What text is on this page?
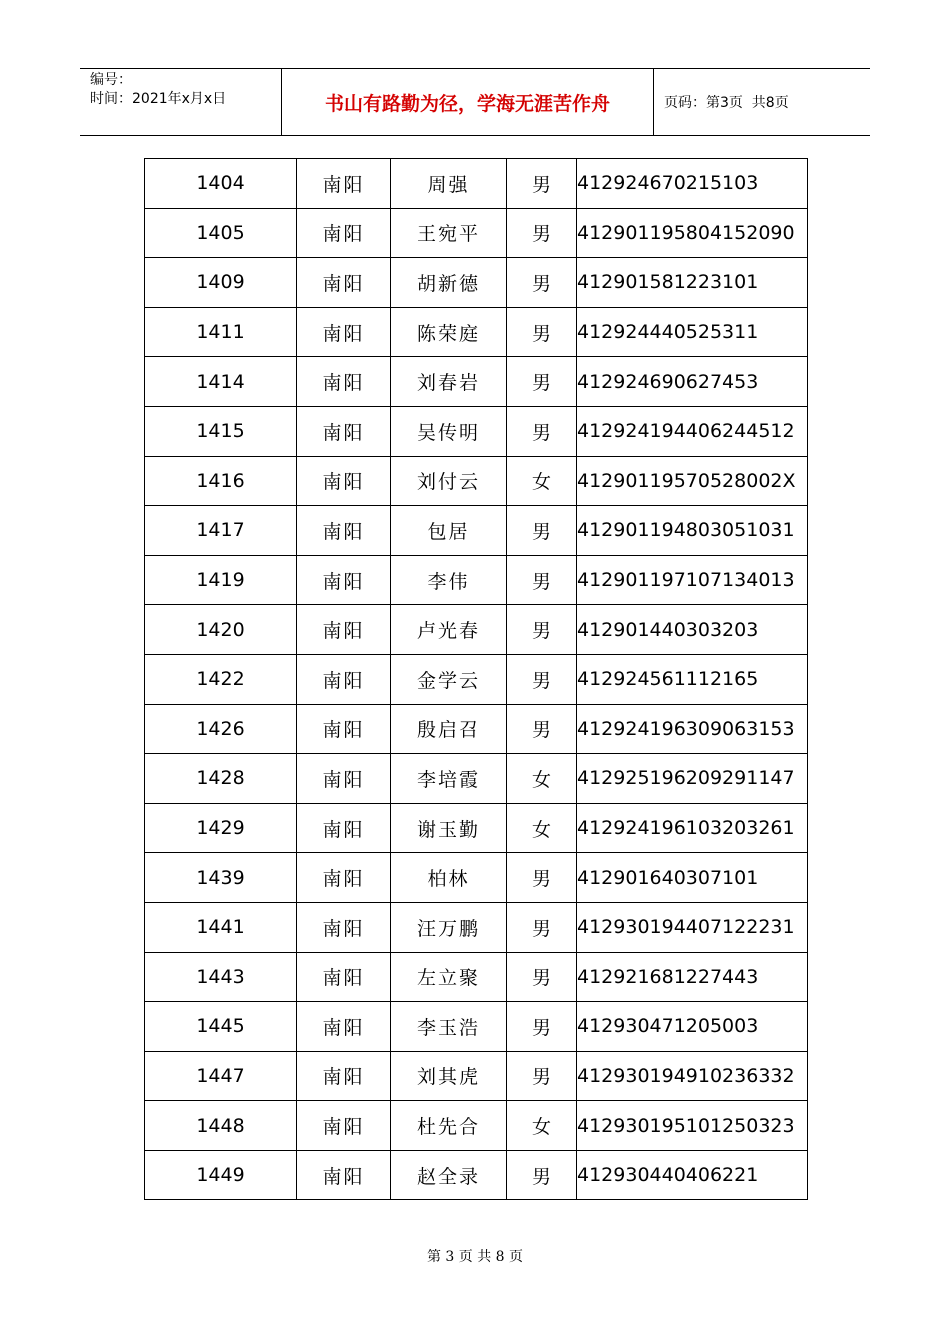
编号：
时间：2021年x月x日	书山有路勤为径，学海无涯苦作舟	页码：第3页  共8页
1404	南阳	周强	男	412924670215103
1405	南阳	王宛平	男	412901195804152090
1409	南阳	胡新德	男	412901581223101
1411	南阳	陈荣庭	男	412924440525311
1414	南阳	刘春岩	男	412924690627453
1415	南阳	吴传明	男	412924194406244512
1416	南阳	刘付云	女	41290119570528002X
1417	南阳	包居	男	412901194803051031
1419	南阳	李伟	男	412901197107134013
1420	南阳	卢光春	男	412901440303203
1422	南阳	金学云	男	412924561112165
1426	南阳	殷启召	男	412924196309063153
1428	南阳	李培霞	女	412925196209291147
1429	南阳	谢玉勤	女	412924196103203261
1439	南阳	柏林	男	412901640307101
1441	南阳	汪万鹏	男	412930194407122231
1443	南阳	左立聚	男	412921681227443
1445	南阳	李玉浩	男	412930471205003
1447	南阳	刘其虎	男	412930194910236332
1448	南阳	杜先合	女	412930195101250323
1449	南阳	赵全录	男	412930440406221
第 3 页 共 8 页
